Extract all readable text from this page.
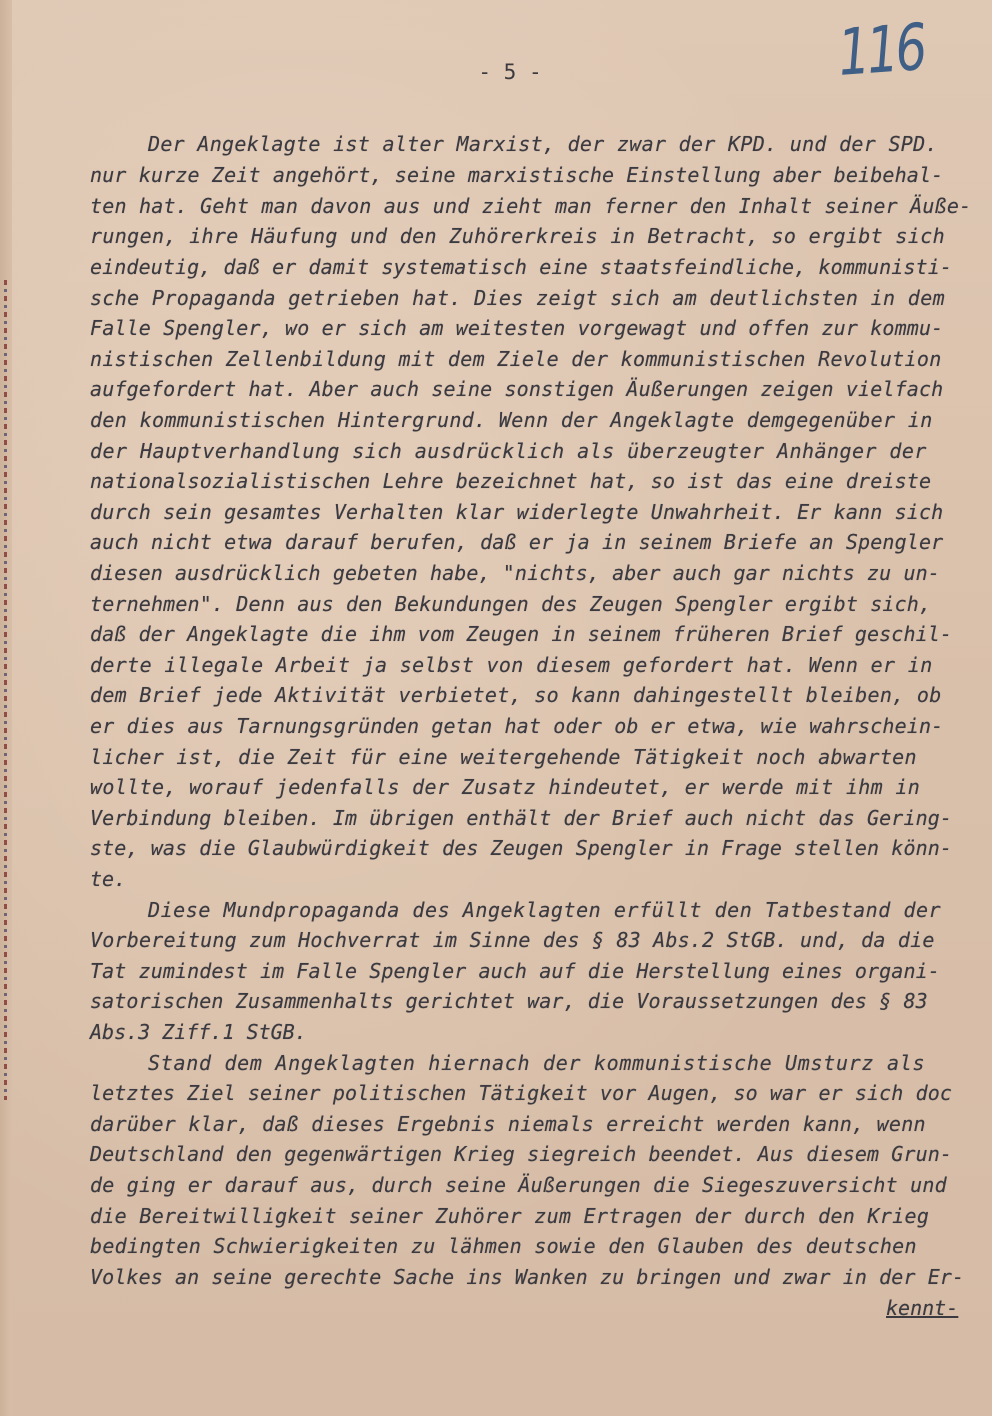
- 5 -	116
Der Angeklagte ist alter Marxist, der zwar der KPD. und der SPD.
nur kurze Zeit angehört, seine marxistische Einstellung aber beibehal-
ten hat. Geht man davon aus und zieht man ferner den Inhalt seiner Äuße-
rungen, ihre Häufung und den Zuhörerkreis in Betracht, so ergibt sich
eindeutig, daß er damit systematisch eine staatsfeindliche, kommunisti-
sche Propaganda getrieben hat. Dies zeigt sich am deutlichsten in dem
Falle Spengler, wo er sich am weitesten vorgewagt und offen zur kommu-
nistischen Zellenbildung mit dem Ziele der kommunistischen Revolution
aufgefordert hat. Aber auch seine sonstigen Äußerungen zeigen vielfach
den kommunistischen Hintergrund. Wenn der Angeklagte demgegenüber in
der Hauptverhandlung sich ausdrücklich als überzeugter Anhänger der
nationalsozialistischen Lehre bezeichnet hat, so ist das eine dreiste
durch sein gesamtes Verhalten klar widerlegte Unwahrheit. Er kann sich
auch nicht etwa darauf berufen, daß er ja in seinem Briefe an Spengler
diesen ausdrücklich gebeten habe, "nichts, aber auch gar nichts zu un-
ternehmen". Denn aus den Bekundungen des Zeugen Spengler ergibt sich,
daß der Angeklagte die ihm vom Zeugen in seinem früheren Brief geschil-
derte illegale Arbeit ja selbst von diesem gefordert hat. Wenn er in
dem Brief jede Aktivität verbietet, so kann dahingestellt bleiben, ob
er dies aus Tarnungsgründen getan hat oder ob er etwa, wie wahrschein-
licher ist, die Zeit für eine weitergehende Tätigkeit noch abwarten
wollte, worauf jedenfalls der Zusatz hindeutet, er werde mit ihm in
Verbindung bleiben. Im übrigen enthält der Brief auch nicht das Gering-
ste, was die Glaubwürdigkeit des Zeugen Spengler in Frage stellen könn-
te.
Diese Mundpropaganda des Angeklagten erfüllt den Tatbestand der
Vorbereitung zum Hochverrat im Sinne des § 83 Abs.2 StGB. und, da die
Tat zumindest im Falle Spengler auch auf die Herstellung eines organi-
satorischen Zusammenhalts gerichtet war, die Voraussetzungen des § 83
Abs.3 Ziff.1 StGB.
Stand dem Angeklagten hiernach der kommunistische Umsturz als
letztes Ziel seiner politischen Tätigkeit vor Augen, so war er sich doc
darüber klar, daß dieses Ergebnis niemals erreicht werden kann, wenn
Deutschland den gegenwärtigen Krieg siegreich beendet. Aus diesem Grun-
de ging er darauf aus, durch seine Äußerungen die Siegeszuversicht und
die Bereitwilligkeit seiner Zuhörer zum Ertragen der durch den Krieg
bedingten Schwierigkeiten zu lähmen sowie den Glauben des deutschen
Volkes an seine gerechte Sache ins Wanken zu bringen und zwar in der Er-
kennt-
